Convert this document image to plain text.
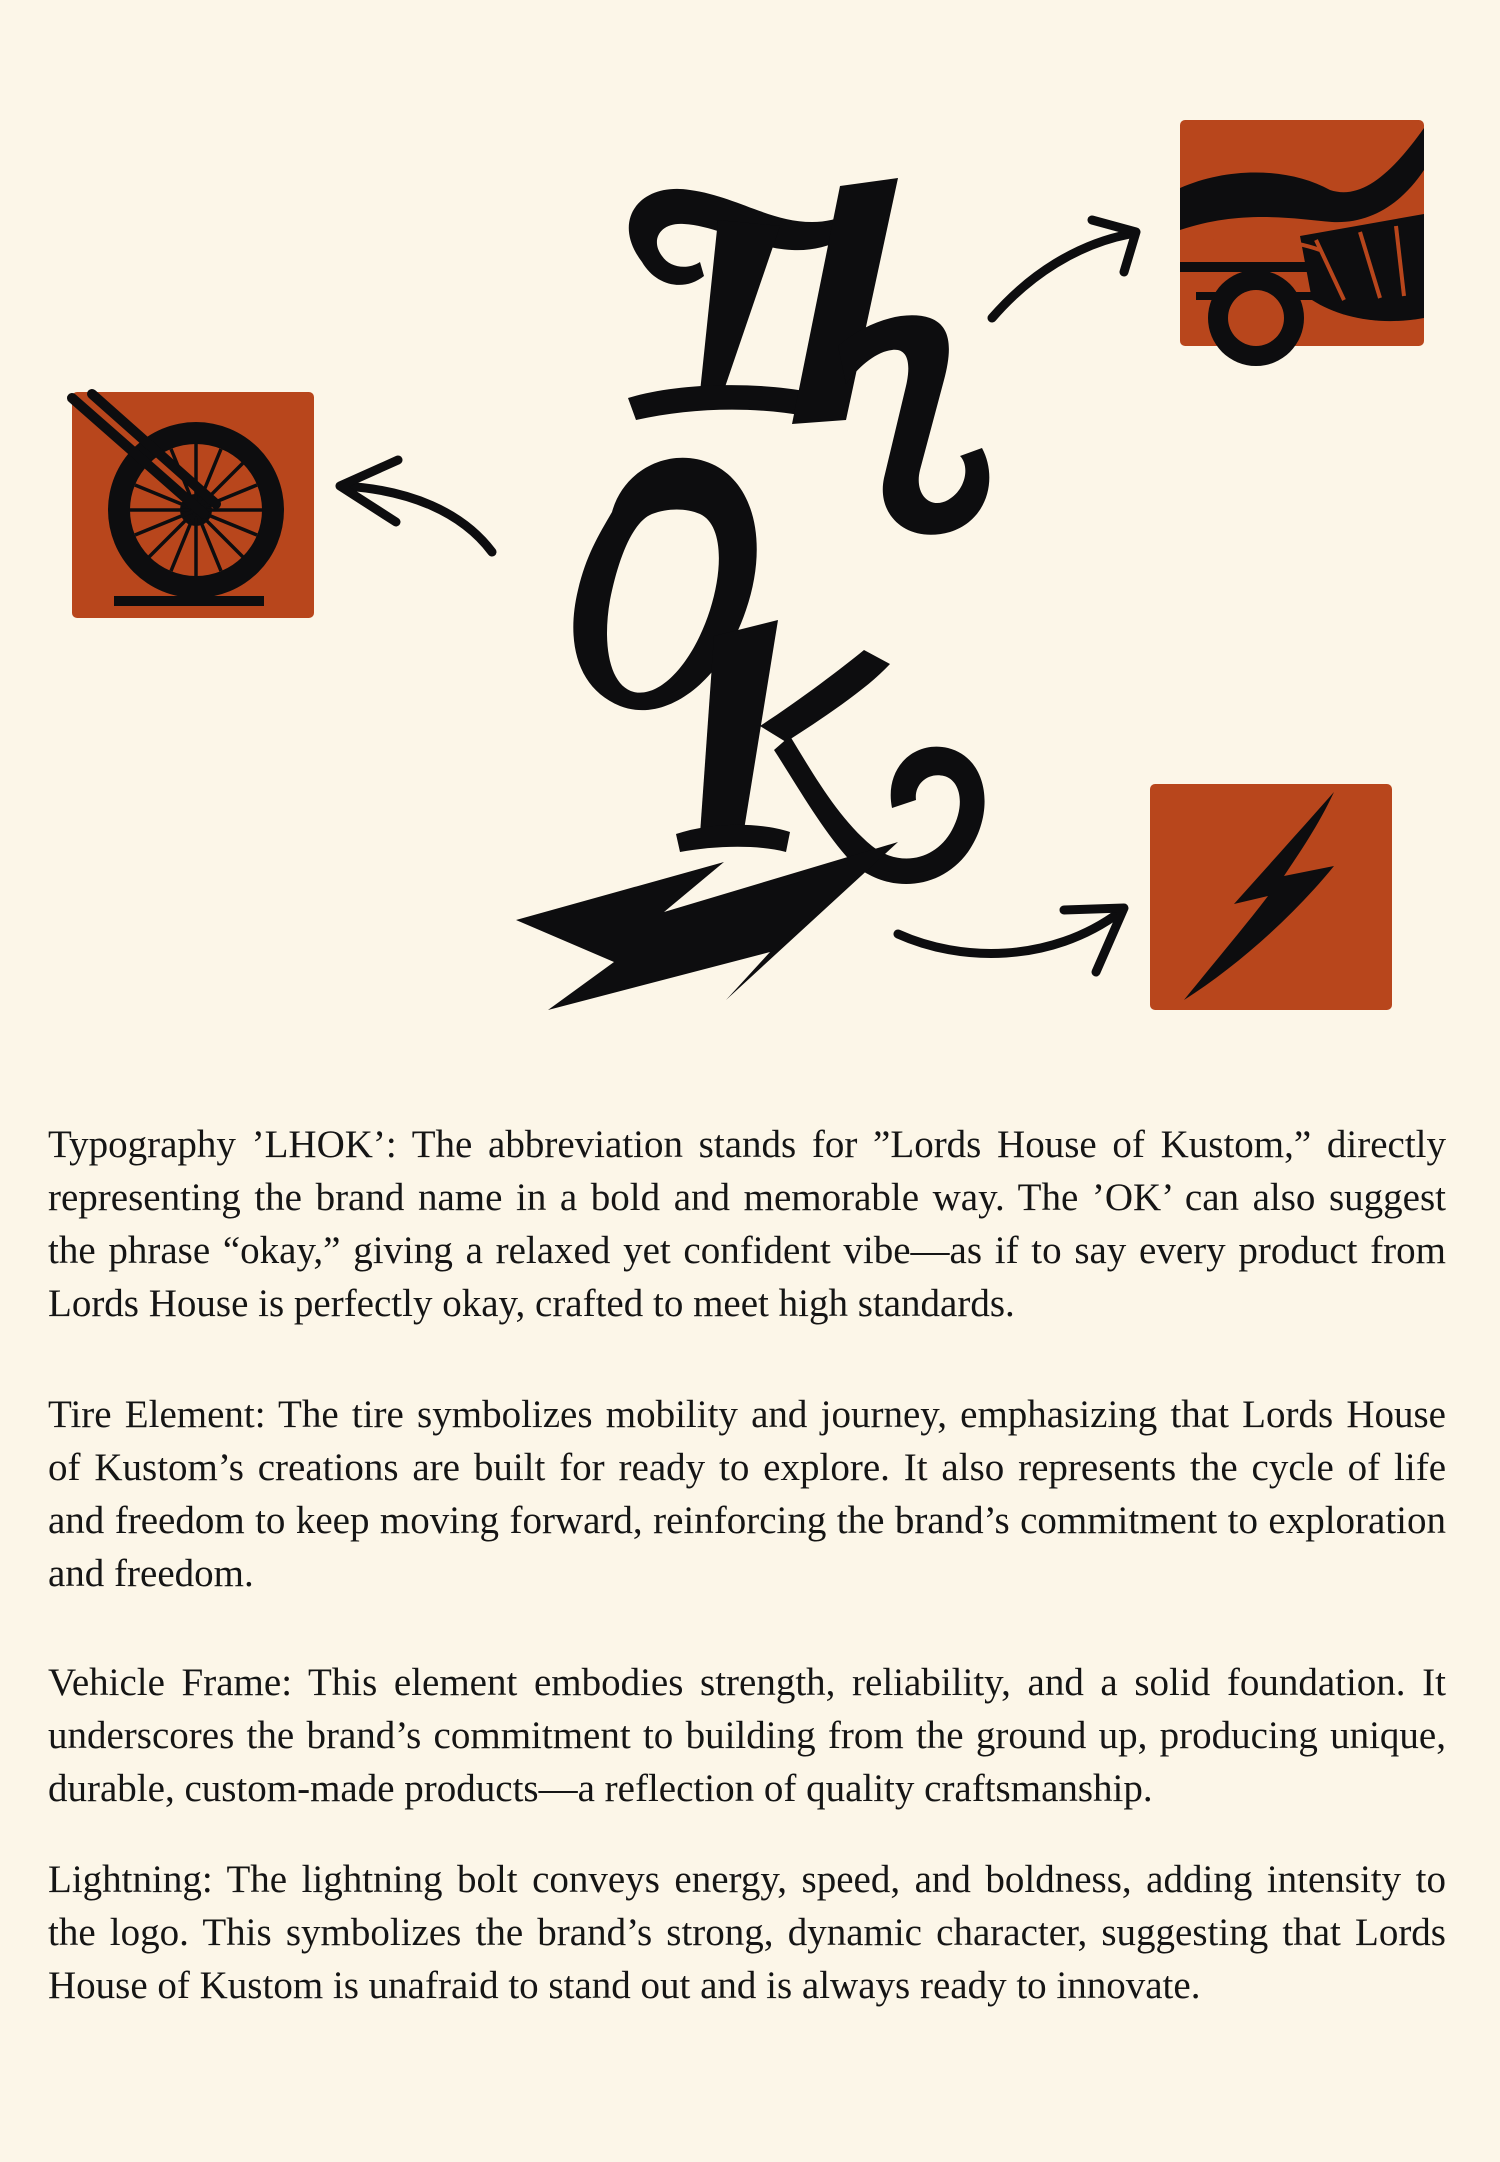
Typography ’LHOK’: The abbreviation stands for ”Lords House of Kustom,” directly representing the brand name in a bold and memorable way. The ’OK’ can also suggest the phrase “okay,” giving a relaxed yet confident vibe—as if to say every product from Lords House is perfectly okay, crafted to meet high standards.

Tire Element: The tire symbolizes mobility and journey, emphasizing that Lords House of Kustom’s creations are built for ready to explore. It also represents the cycle of life and freedom to keep moving forward, reinforcing the brand’s commitment to exploration and freedom.

Vehicle Frame: This element embodies strength, reliability, and a solid foundation. It underscores the brand’s commitment to building from the ground up, producing unique, durable, custom-made products—a reflection of quality craftsmanship.

Lightning: The lightning bolt conveys energy, speed, and boldness, adding intensity to the logo. This symbolizes the brand’s strong, dynamic character, suggesting that Lords House of Kustom is unafraid to stand out and is always ready to innovate.
